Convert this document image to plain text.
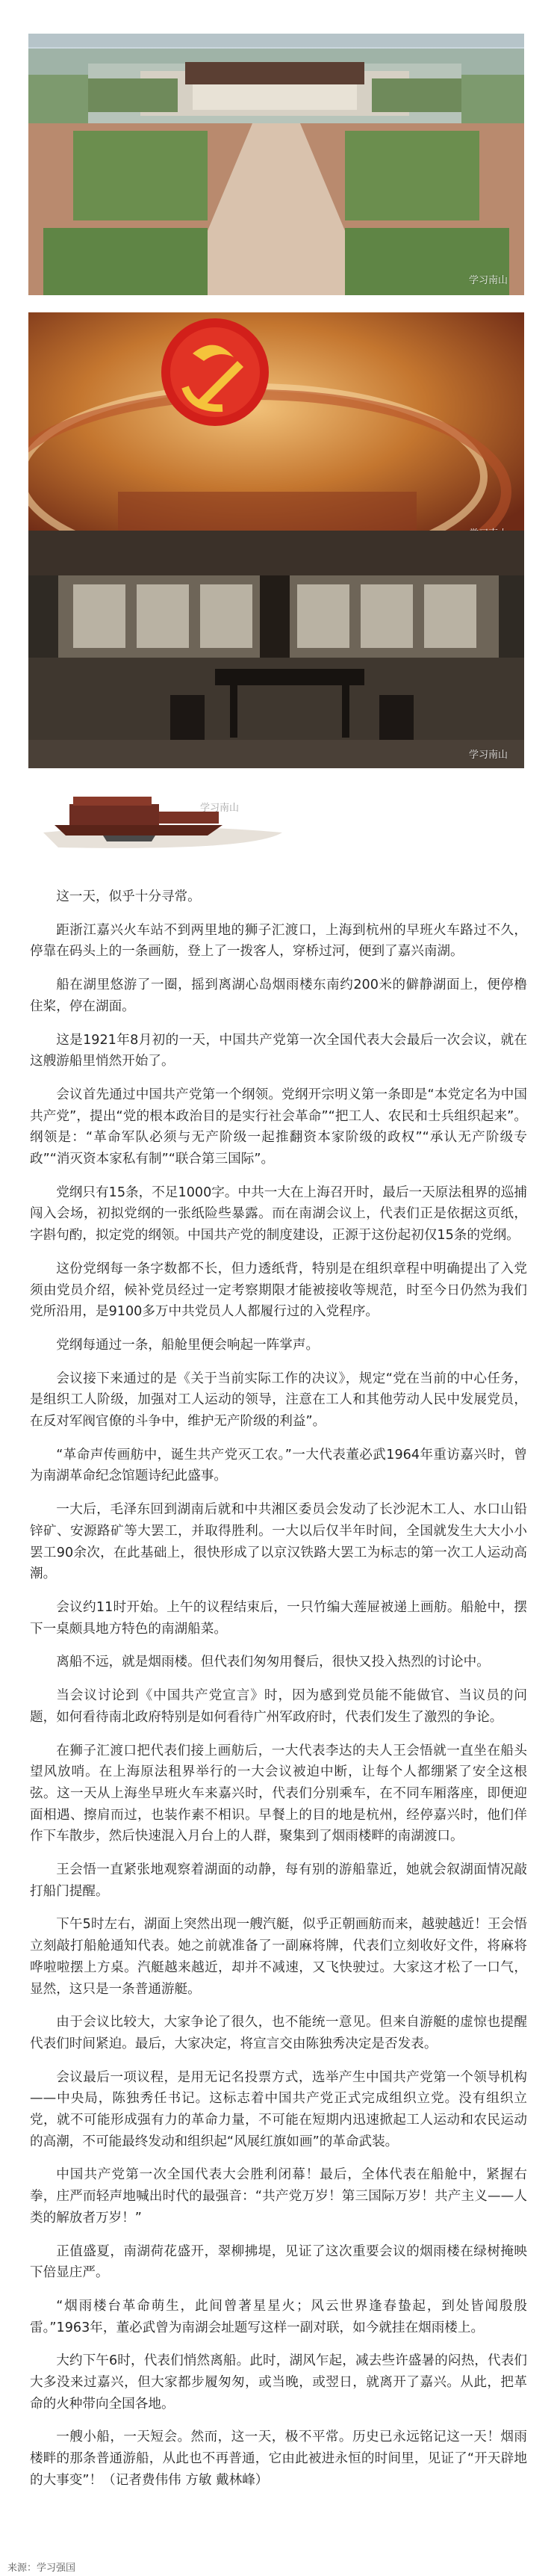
学习南山
学习南山
学习南山

这一天，似乎十分寻常。

距浙江嘉兴火车站不到两里地的狮子汇渡口，上海到杭州的早班火车路过不久，停靠在码头上的一条画舫，登上了一拨客人，穿桥过河，便到了嘉兴南湖。

船在湖里悠游了一圈，摇到离湖心岛烟雨楼东南约200米的僻静湖面上，便停橹住桨，停在湖面。

这是1921年8月初的一天，中国共产党第一次全国代表大会最后一次会议，就在这艘游船里悄然开始了。

会议首先通过中国共产党第一个纲领。党纲开宗明义第一条即是“本党定名为中国共产党”，提出“党的根本政治目的是实行社会革命”“把工人、农民和士兵组织起来”。纲领是：“革命军队必须与无产阶级一起推翻资本家阶级的政权”“承认无产阶级专政”“消灭资本家私有制”“联合第三国际”。

党纲只有15条，不足1000字。中共一大在上海召开时，最后一天原法租界的巡捕闯入会场，初拟党纲的一张纸险些暴露。而在南湖会议上，代表们正是依据这页纸，字斟句酌，拟定党的纲领。中国共产党的制度建设，正源于这份起初仅15条的党纲。

这份党纲每一条字数都不长，但力透纸背，特别是在组织章程中明确提出了入党须由党员介绍，候补党员经过一定考察期限才能被接收等规范，时至今日仍然为我们党所沿用，是9100多万中共党员人人都履行过的入党程序。

党纲每通过一条，船舱里便会响起一阵掌声。

会议接下来通过的是《关于当前实际工作的决议》，规定“党在当前的中心任务，是组织工人阶级，加强对工人运动的领导，注意在工人和其他劳动人民中发展党员，在反对军阀官僚的斗争中，维护无产阶级的利益”。

“革命声传画舫中，诞生共产党灭工农。”一大代表董必武1964年重访嘉兴时，曾为南湖革命纪念馆题诗纪此盛事。

一大后，毛泽东回到湖南后就和中共湘区委员会发动了长沙泥木工人、水口山铅锌矿、安源路矿等大罢工，并取得胜利。一大以后仅半年时间，全国就发生大大小小罢工90余次，在此基础上，很快形成了以京汉铁路大罢工为标志的第一次工人运动高潮。

会议约11时开始。上午的议程结束后，一只竹编大莲屉被递上画舫。船舱中，摆下一桌颇具地方特色的南湖船菜。

离船不远，就是烟雨楼。但代表们匆匆用餐后，很快又投入热烈的讨论中。

当会议讨论到《中国共产党宣言》时，因为感到党员能不能做官、当议员的问题，如何看待南北政府特别是如何看待广州军政府时，代表们发生了激烈的争论。

在狮子汇渡口把代表们接上画舫后，一大代表李达的夫人王会悟就一直坐在船头望风放哨。在上海原法租界举行的一大会议被迫中断，让每个人都绷紧了安全这根弦。这一天从上海坐早班火车来嘉兴时，代表们分别乘车，在不同车厢落座，即便迎面相遇、擦肩而过，也装作素不相识。早餐上的目的地是杭州，经停嘉兴时，他们佯作下车散步，然后快速混入月台上的人群，聚集到了烟雨楼畔的南湖渡口。

王会悟一直紧张地观察着湖面的动静，每有别的游船靠近，她就会叙湖面情况敲打船门提醒。

下午5时左右，湖面上突然出现一艘汽艇，似乎正朝画舫而来，越驶越近！王会悟立刻敲打船舱通知代表。她之前就准备了一副麻将牌，代表们立刻收好文件，将麻将哗啦啦摆上方桌。汽艇越来越近，却并不减速，又飞快驶过。大家这才松了一口气，显然，这只是一条普通游艇。

由于会议比较大，大家争论了很久，也不能统一意见。但来自游艇的虚惊也提醒代表们时间紧迫。最后，大家决定，将宣言交由陈独秀决定是否发表。

会议最后一项议程，是用无记名投票方式，选举产生中国共产党第一个领导机构——中央局，陈独秀任书记。这标志着中国共产党正式完成组织立党。没有组织立党，就不可能形成强有力的革命力量，不可能在短期内迅速掀起工人运动和农民运动的高潮，不可能最终发动和组织起“风展红旗如画”的革命武装。

中国共产党第一次全国代表大会胜利闭幕！最后，全体代表在船舱中，紧握右拳，庄严而轻声地喊出时代的最强音：“共产党万岁！第三国际万岁！共产主义——人类的解放者万岁！”

正值盛夏，南湖荷花盛开，翠柳拂堤，见证了这次重要会议的烟雨楼在绿树掩映下倍显庄严。

“烟雨楼台革命萌生，此间曾著星星火；风云世界逢春蛰起，到处皆闻殷殷雷。”1963年，董必武曾为南湖会址题写这样一副对联，如今就挂在烟雨楼上。

大约下午6时，代表们悄然离船。此时，湖风乍起，减去些许盛暑的闷热，代表们大多没来过嘉兴，但大家都步履匆匆，或当晚，或翌日，就离开了嘉兴。从此，把革命的火种带向全国各地。

一艘小船，一天短会。然而，这一天，极不平常。历史已永远铭记这一天！烟雨楼畔的那条普通游船，从此也不再普通，它由此被进永恒的时间里，见证了“开天辟地的大事变”！（记者费伟伟 方敏 戴林峰）

来源：学习强国
